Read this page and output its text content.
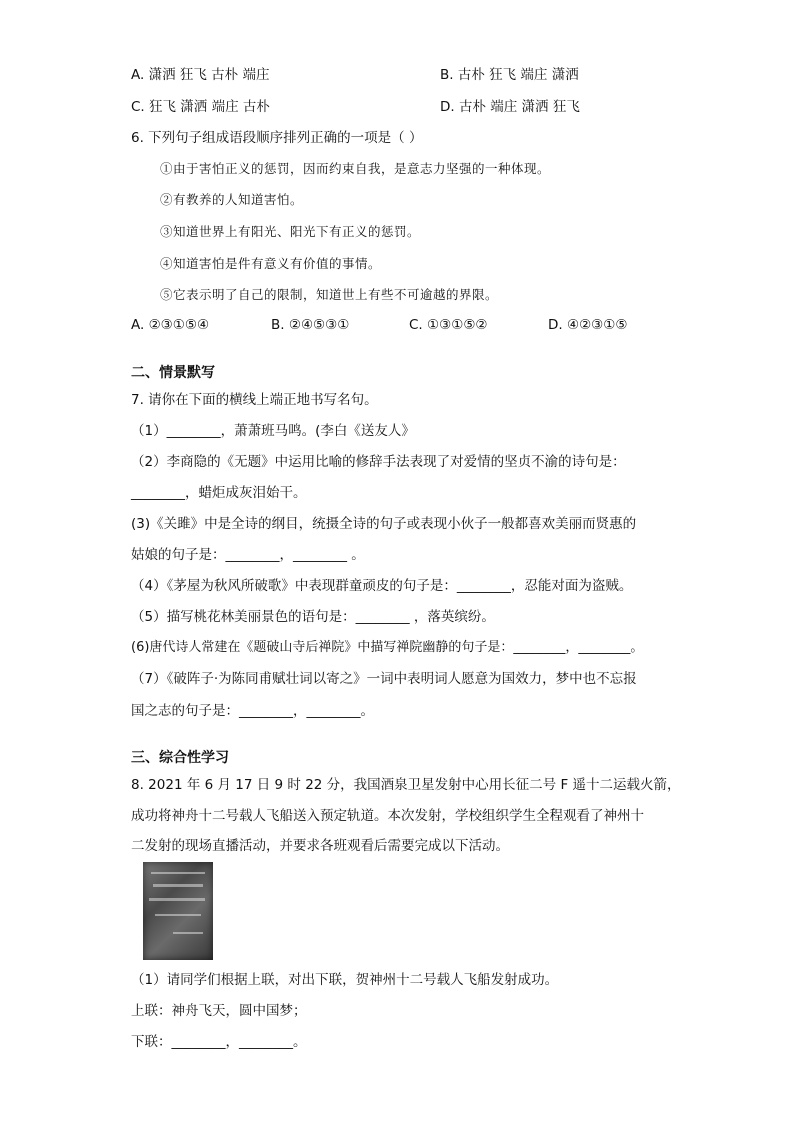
A. 潇洒 狂飞 古朴 端庄	B. 古朴 狂飞 端庄 潇洒
C. 狂飞 潇洒 端庄 古朴	D. 古朴 端庄 潇洒 狂飞
6. 下列句子组成语段顺序排列正确的一项是（ ）
①由于害怕正义的惩罚，因而约束自我，是意志力坚强的一种体现。
②有教养的人知道害怕。
③知道世界上有阳光、阳光下有正义的惩罚。
④知道害怕是件有意义有价值的事情。
⑤它表示明了自己的限制，知道世上有些不可逾越的界限。
A. ②③①⑤④	B. ②④⑤③①	C. ①③①⑤②	D. ④②③①⑤
二、情景默写
7. 请你在下面的横线上端正地书写名句。
（1）________，萧萧班马鸣。(李白《送友人》
（2）李商隐的《无题》中运用比喻的修辞手法表现了对爱情的坚贞不渝的诗句是：
________，蜡炬成灰泪始干。
(3)《关雎》中是全诗的纲目，统摄全诗的句子或表现小伙子一般都喜欢美丽而贤惠的
姑娘的句子是：________，________ 。
（4）《茅屋为秋风所破歌》中表现群童顽皮的句子是：________，忍能对面为盗贼。
（5）描写桃花林美丽景色的语句是：________ ，落英缤纷。
(6)唐代诗人常建在《题破山寺后禅院》中描写禅院幽静的句子是：________，________。
（7）《破阵子·为陈同甫赋壮词以寄之》一词中表明词人愿意为国效力，梦中也不忘报
国之志的句子是：________，________。
三、综合性学习
8. 2021 年 6 月 17 日 9 时 22 分，我国酒泉卫星发射中心用长征二号 F 遥十二运载火箭，
成功将神舟十二号载人飞船送入预定轨道。本次发射，学校组织学生全程观看了神州十
二发射的现场直播活动，并要求各班观看后需要完成以下活动。
（1）请同学们根据上联，对出下联，贺神州十二号载人飞船发射成功。
上联：神舟飞天，圆中国梦；
下联：________，________。
